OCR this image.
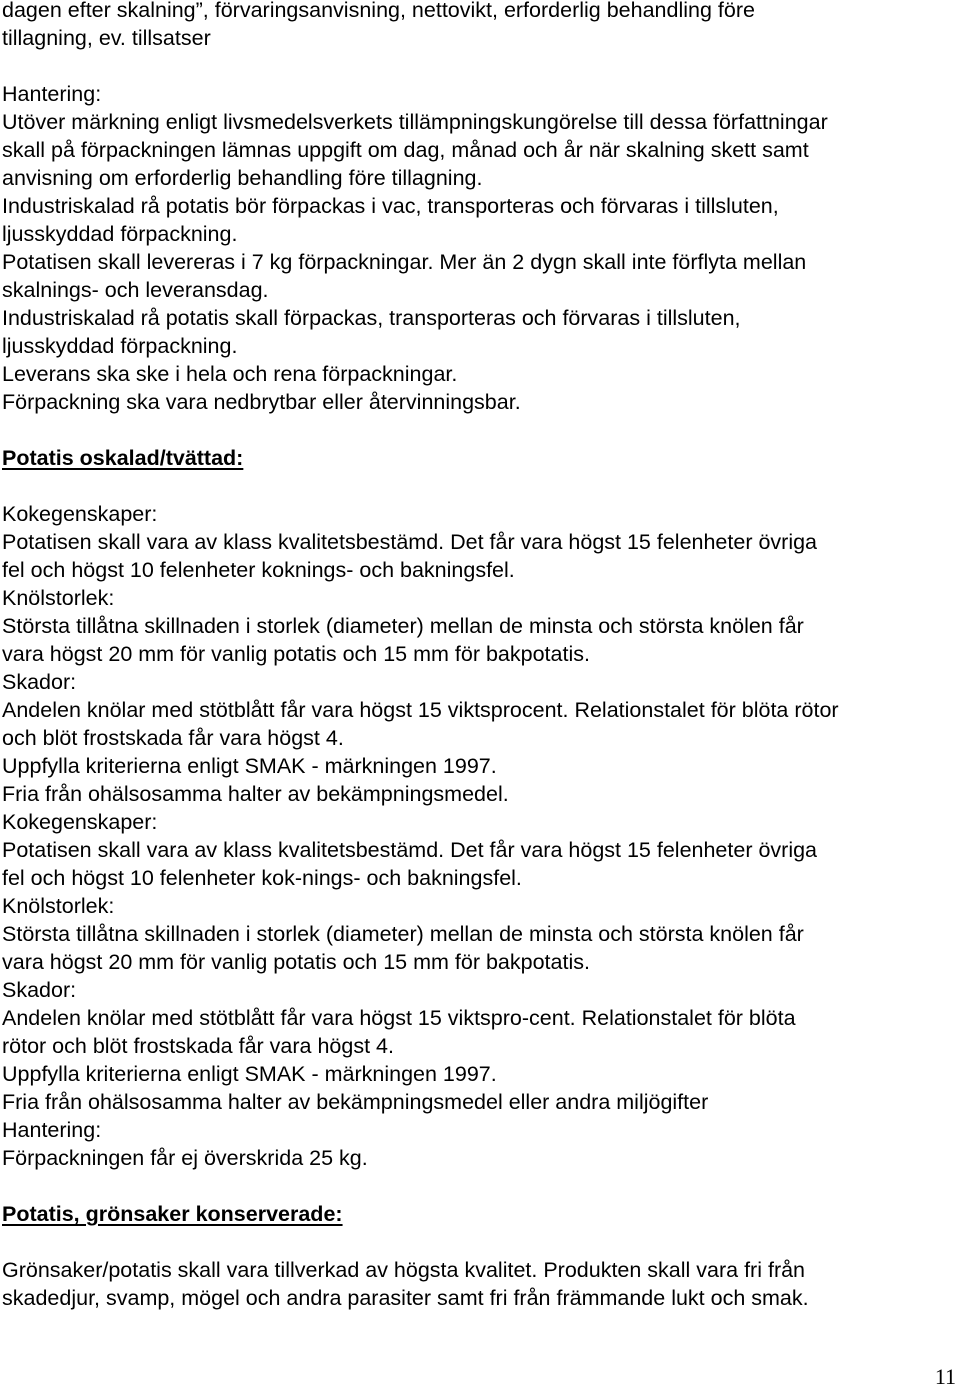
dagen efter skalning”, förvaringsanvisning, nettovikt, erforderlig behandling före
tillagning, ev. tillsatser
Hantering:
Utöver märkning enligt livsmedelsverkets tillämpningskungörelse till dessa författningar
skall på förpackningen lämnas uppgift om dag, månad och år när skalning skett samt
anvisning om erforderlig behandling före tillagning.
Industriskalad rå potatis bör förpackas i vac, transporteras och förvaras i tillsluten,
ljusskyddad förpackning.
Potatisen skall levereras i 7 kg förpackningar. Mer än 2 dygn skall inte förflyta mellan
skalnings- och leveransdag.
Industriskalad rå potatis skall förpackas, transporteras och förvaras i tillsluten,
ljusskyddad förpackning.
Leverans ska ske i hela och rena förpackningar.
Förpackning ska vara nedbrytbar eller återvinningsbar.
Potatis oskalad/tvättad:
Kokegenskaper:
Potatisen skall vara av klass kvalitetsbestämd. Det får vara högst 15 felenheter övriga
fel och högst 10 felenheter koknings- och bakningsfel.
Knölstorlek:
Största tillåtna skillnaden i storlek (diameter) mellan de minsta och största knölen får
vara högst 20 mm för vanlig potatis och 15 mm för bakpotatis.
Skador:
Andelen knölar med stötblått får vara högst 15 viktsprocent. Relationstalet för blöta rötor
och blöt frostskada får vara högst 4.
Uppfylla kriterierna enligt SMAK - märkningen 1997.
Fria från ohälsosamma halter av bekämpningsmedel.
Kokegenskaper:
Potatisen skall vara av klass kvalitetsbestämd. Det får vara högst 15 felenheter övriga
fel och högst 10 felenheter kok-nings- och bakningsfel.
Knölstorlek:
Största tillåtna skillnaden i storlek (diameter) mellan de minsta och största knölen får
vara högst 20 mm för vanlig potatis och 15 mm för bakpotatis.
Skador:
Andelen knölar med stötblått får vara högst 15 viktspro-cent. Relationstalet för blöta
rötor och blöt frostskada får vara högst 4.
Uppfylla kriterierna enligt SMAK - märkningen 1997.
Fria från ohälsosamma halter av bekämpningsmedel eller andra miljögifter
Hantering:
Förpackningen får ej överskrida 25 kg.
Potatis, grönsaker konserverade:
Grönsaker/potatis skall vara tillverkad av högsta kvalitet. Produkten skall vara fri från
skadedjur, svamp, mögel och andra parasiter samt fri från främmande lukt och smak.
11
